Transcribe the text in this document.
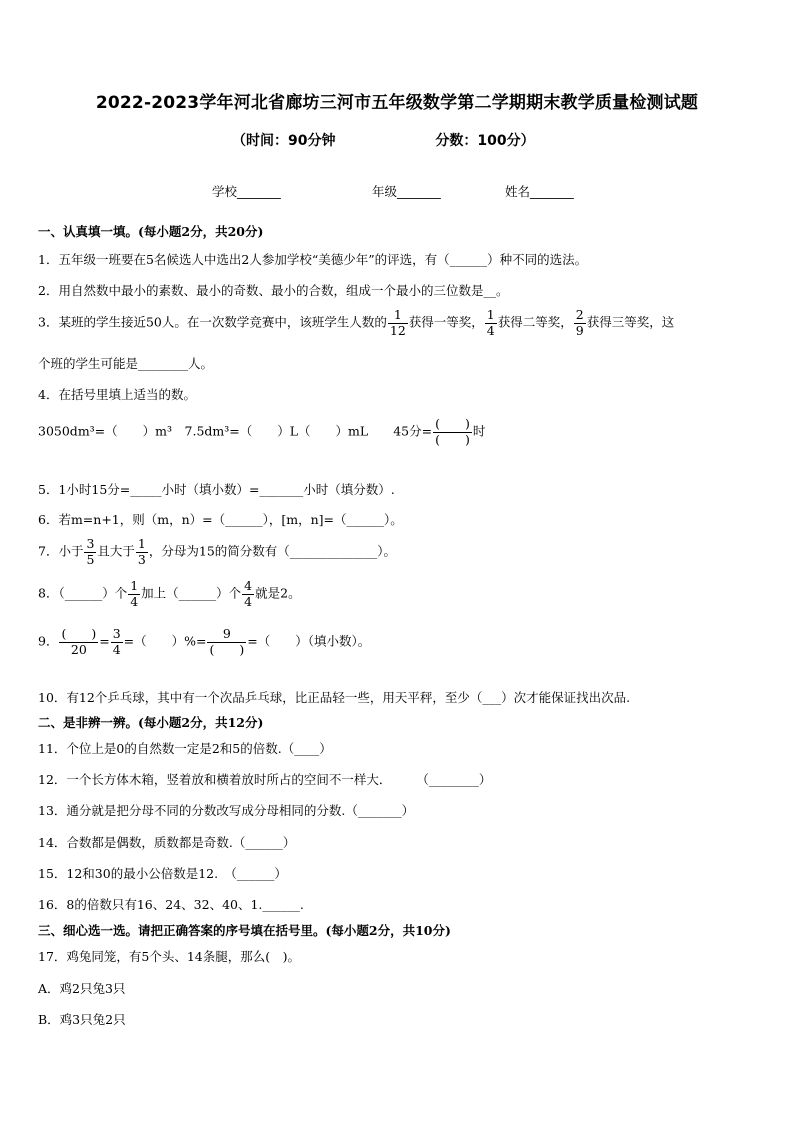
2022-2023学年河北省廊坊三河市五年级数学第二学期期末教学质量检测试题
（时间：90分钟	分数：100分）
学校_______	年级_______	姓名_______
一、认真填一填。(每小题2分，共20分)
1．五年级一班要在5名候选人中选出2人参加学校“美德少年”的评选，有（______）种不同的选法。
2．用自然数中最小的素数、最小的奇数、最小的合数，组成一个最小的三位数是__。
3．某班的学生接近50人。在一次数学竞赛中，该班学生人数的 $\frac{1}{12}$ 获得一等奖， $\frac{1}{4}$ 获得二等奖， $\frac{2}{9}$ 获得三等奖，这
个班的学生可能是________人。
4．在括号里填上适当的数。
3050dm³=（　　）m³　7.5dm³=（　　）L（　　）mL　　45分= $\frac{( )}{( )}$ 时
5．1小时15分=_____小时（填小数）=_______小时（填分数）.
6．若m=n+1，则（m，n）=（______），[m，n]=（______）。
7．小于 $\frac{3}{5}$ 且大于 $\frac{1}{3}$ ，分母为15的简分数有（______________）。
8．（______）个 $\frac{1}{4}$ 加上（______）个 $\frac{4}{4}$ 就是2。
9． $\frac{( )}{20} = \frac{3}{4}$ =（　　）%= $\frac{9}{( )}$ =（　　）（填小数）。
10．有12个乒乓球，其中有一个次品乒乓球，比正品轻一些，用天平秤，至少（___）次才能保证找出次品.
二、是非辨一辨。(每小题2分，共12分)
11．个位上是0的自然数一定是2和5的倍数.（____）
12．一个长方体木箱，竖着放和横着放时所占的空间不一样大．　　　（________）
13．通分就是把分母不同的分数改写成分母相同的分数.（_______）
14．合数都是偶数，质数都是奇数.（______）
15．12和30的最小公倍数是12.　（______）
16．8的倍数只有16、24、32、40、1.______.
三、细心选一选。请把正确答案的序号填在括号里。(每小题2分，共10分)
17．鸡兔同笼，有5个头、14条腿，那么(　)。
A．鸡2只兔3只
B．鸡3只兔2只
